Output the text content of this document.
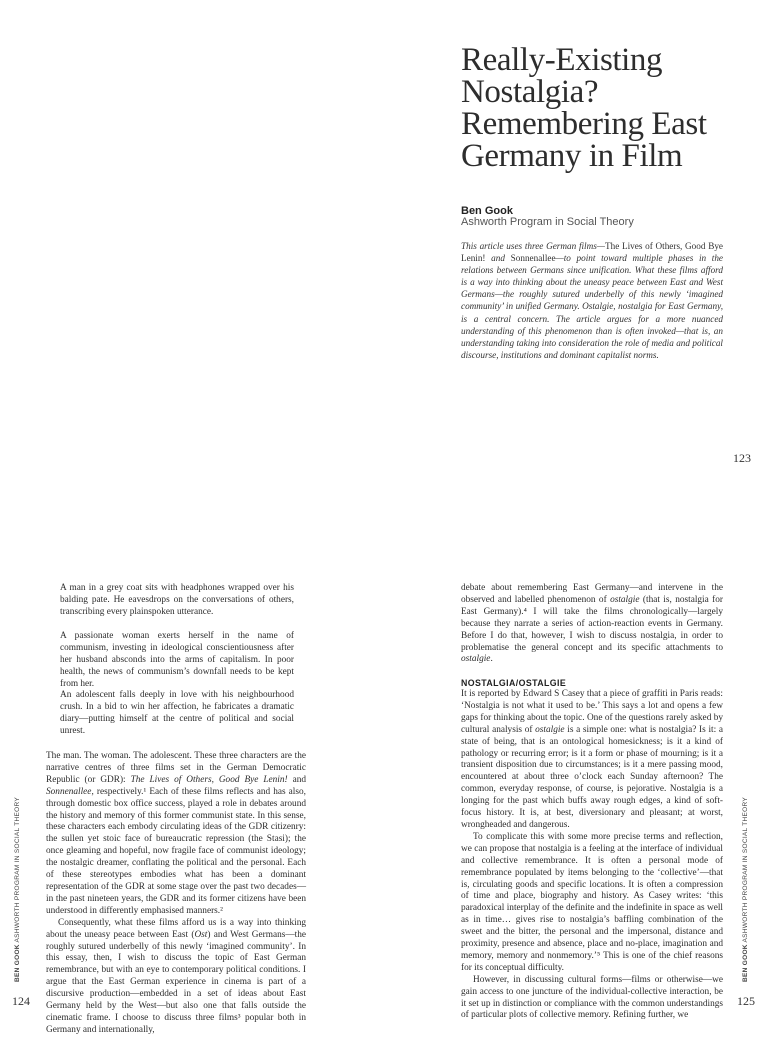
Really-Existing Nostalgia? Remembering East Germany in Film
Ben Gook
Ashworth Program in Social Theory

This article uses three German films—The Lives of Others, Good Bye Lenin! and Sonnenallee—to point toward multiple phases in the relations between Germans since unification. What these films afford is a way into thinking about the uneasy peace between East and West Germans—the roughly sutured underbelly of this newly ‘imagined community’ in unified Germany. Ostalgie, nostalgia for East Germany, is a central concern. The article argues for a more nuanced understanding of this phenomenon than is often invoked—that is, an understanding taking into consideration the role of media and political discourse, institutions and dominant capitalist norms.

123

A man in a grey coat sits with headphones wrapped over his balding pate. He eavesdrops on the conversations of others, transcribing every plainspoken utterance.

A passionate woman exerts herself in the name of communism, investing in ideological conscientiousness after her husband absconds into the arms of capitalism. In poor health, the news of communism’s downfall needs to be kept from her.

An adolescent falls deeply in love with his neighbourhood crush. In a bid to win her affection, he fabricates a dramatic diary—putting himself at the centre of political and social unrest.

The man. The woman. The adolescent. These three characters are the narrative centres of three films set in the German Democratic Republic (or GDR): The Lives of Others, Good Bye Lenin! and Sonnenallee, respectively.¹ Each of these films reflects and has also, through domestic box office success, played a role in debates around the history and memory of this former communist state. In this sense, these characters each embody circulating ideas of the GDR citizenry: the sullen yet stoic face of bureaucratic repression (the Stasi); the once gleaming and hopeful, now fragile face of communist ideology; the nostalgic dreamer, conflating the political and the personal. Each of these stereotypes embodies what has been a dominant representation of the GDR at some stage over the past two decades—in the past nineteen years, the GDR and its former citizens have been understood in differently emphasised manners.²

Consequently, what these films afford us is a way into thinking about the uneasy peace between East (Ost) and West Germans—the roughly sutured underbelly of this newly ‘imagined community’. In this essay, then, I wish to discuss the topic of East German remembrance, but with an eye to contemporary political conditions. I argue that the East German experience in cinema is part of a discursive production—embedded in a set of ideas about East Germany held by the West—but also one that falls outside the cinematic frame. I choose to discuss three films³ popular both in Germany and internationally,

debate about remembering East Germany—and intervene in the observed and labelled phenomenon of ostalgie (that is, nostalgia for East Germany).⁴ I will take the films chronologically—largely because they narrate a series of action-reaction events in Germany. Before I do that, however, I wish to discuss nostalgia, in order to problematise the general concept and its specific attachments to ostalgie.

NOSTALGIA/OSTALGIE

It is reported by Edward S Casey that a piece of graffiti in Paris reads: ‘Nostalgia is not what it used to be.’ This says a lot and opens a few gaps for thinking about the topic. One of the questions rarely asked by cultural analysis of ostalgie is a simple one: what is nostalgia? Is it: a state of being, that is an ontological homesickness; is it a kind of pathology or recurring error; is it a form or phase of mourning; is it a transient disposition due to circumstances; is it a mere passing mood, encountered at about three o’clock each Sunday afternoon? The common, everyday response, of course, is pejorative. Nostalgia is a longing for the past which buffs away rough edges, a kind of soft-focus history. It is, at best, diversionary and pleasant; at worst, wrongheaded and dangerous.

To complicate this with some more precise terms and reflection, we can propose that nostalgia is a feeling at the interface of individual and collective remembrance. It is often a personal mode of remembrance populated by items belonging to the ‘collective’—that is, circulating goods and specific locations. It is often a compression of time and place, biography and history. As Casey writes: ‘this paradoxical interplay of the definite and the indefinite in space as well as in time… gives rise to nostalgia’s baffling combination of the sweet and the bitter, the personal and the impersonal, distance and proximity, presence and absence, place and no-place, imagination and memory, memory and nonmemory.’⁵ This is one of the chief reasons for its conceptual difficulty.

However, in discussing cultural forms—films or otherwise—we gain access to one juncture of the individual-collective interaction, be it set up in distinction or compliance with the common understandings of particular plots of collective memory. Refining further, we

BEN GOOK ASHWORTH PROGRAM IN SOCIAL THEORY
BEN GOOK ASHWORTH PROGRAM IN SOCIAL THEORY
124	125
